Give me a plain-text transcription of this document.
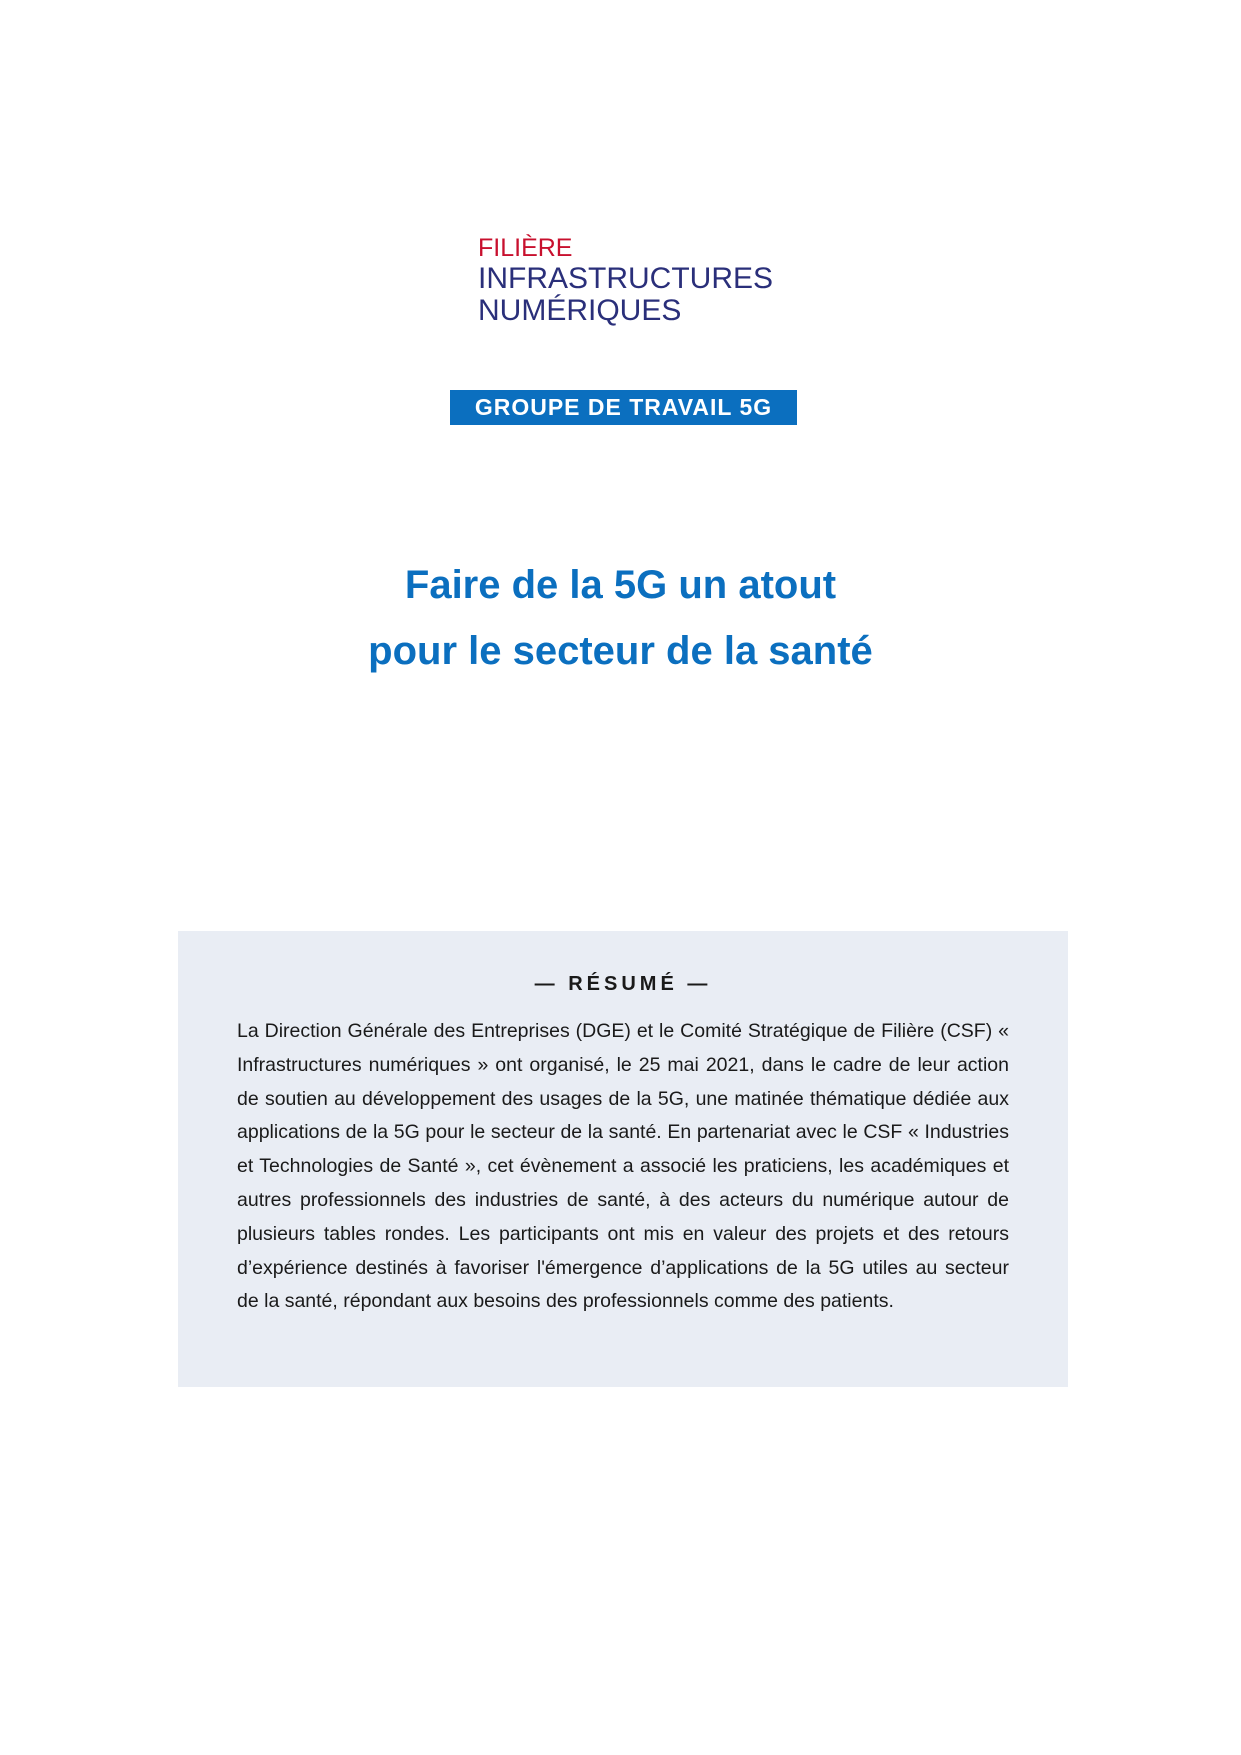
FILIÈRE
INFRASTRUCTURES
NUMÉRIQUES
GROUPE DE TRAVAIL 5G
Faire de la 5G un atout
pour le secteur de la santé
— RÉSUMÉ —

La Direction Générale des Entreprises (DGE) et le Comité Stratégique de Filière (CSF) « Infrastructures numériques » ont organisé, le 25 mai 2021, dans le cadre de leur action de soutien au développement des usages de la 5G, une matinée thématique dédiée aux applications de la 5G pour le secteur de la santé. En partenariat avec le CSF « Industries et Technologies de Santé », cet évènement a associé les praticiens, les académiques et autres professionnels des industries de santé, à des acteurs du numérique autour de plusieurs tables rondes. Les participants ont mis en valeur des projets et des retours d’expérience destinés à favoriser l'émergence d’applications de la 5G utiles au secteur de la santé, répondant aux besoins des professionnels comme des patients.
